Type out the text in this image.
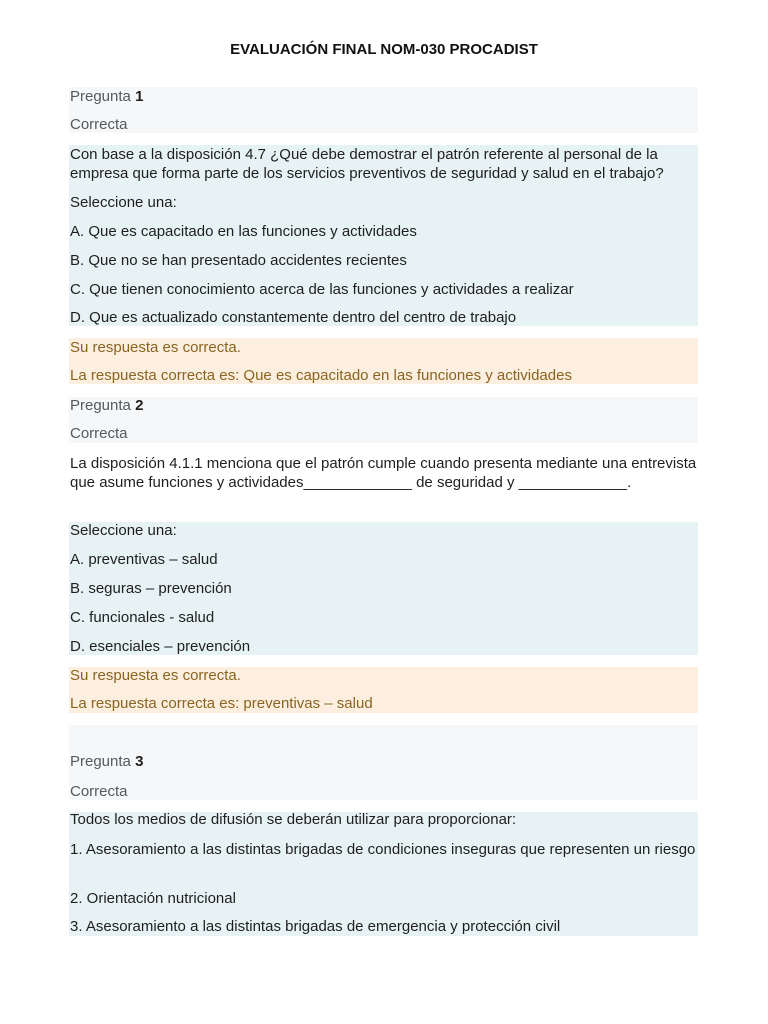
EVALUACIÓN FINAL NOM-030 PROCADIST
Pregunta 1
Correcta
Con base a la disposición 4.7 ¿Qué debe demostrar el patrón referente al personal de la empresa que forma parte de los servicios preventivos de seguridad y salud en el trabajo?
Seleccione una:
A. Que es capacitado en las funciones y actividades
B. Que no se han presentado accidentes recientes
C. Que tienen conocimiento acerca de las funciones y actividades a realizar
D. Que es actualizado constantemente dentro del centro de trabajo
Su respuesta es correcta.
La respuesta correcta es: Que es capacitado en las funciones y actividades
Pregunta 2
Correcta
La disposición 4.1.1 menciona que el patrón cumple cuando presenta mediante una entrevista que asume funciones y actividades_____________ de seguridad y _____________.
Seleccione una:
A. preventivas – salud
B. seguras – prevención
C. funcionales - salud
D. esenciales – prevención
Su respuesta es correcta.
La respuesta correcta es: preventivas – salud
Pregunta 3
Correcta
Todos los medios de difusión se deberán utilizar para proporcionar:
1. Asesoramiento a las distintas brigadas de condiciones inseguras que representen un riesgo
2. Orientación nutricional
3. Asesoramiento a las distintas brigadas de emergencia y protección civil
